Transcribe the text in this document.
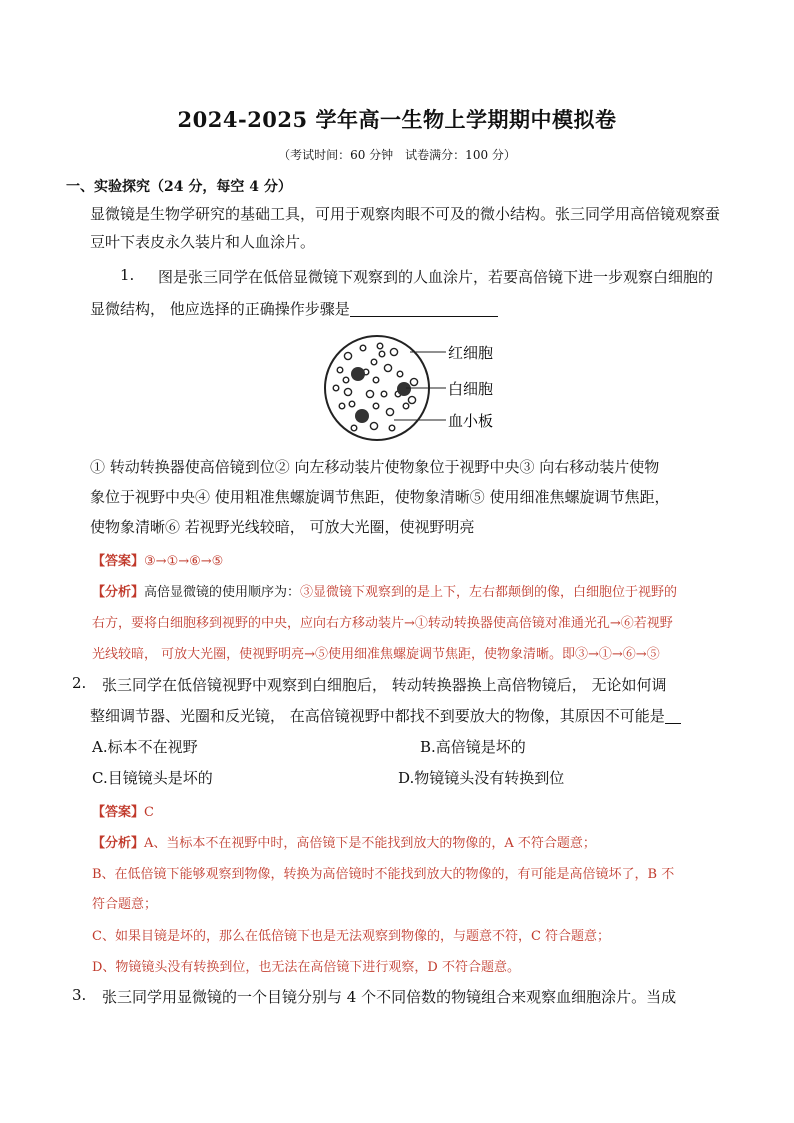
2024-2025 学年高一生物上学期期中模拟卷
（考试时间：60 分钟　试卷满分：100 分）
一、实验探究（24 分，每空 4 分）
显微镜是生物学研究的基础工具，可用于观察肉眼不可及的微小结构。张三同学用高倍镜观察蚕豆叶下表皮永久装片和人血涂片。
1. 图是张三同学在低倍显微镜下观察到的人血涂片，若要高倍镜下进一步观察白细胞的
显微结构， 他应选择的正确操作步骤是
红细胞
白细胞
血小板
① 转动转换器使高倍镜到位② 向左移动装片使物象位于视野中央③ 向右移动装片使物
象位于视野中央④ 使用粗准焦螺旋调节焦距，使物象清晰⑤ 使用细准焦螺旋调节焦距，
使物象清晰⑥ 若视野光线较暗， 可放大光圈，使视野明亮
【答案】③→①→⑥→⑤
【分析】高倍显微镜的使用顺序为：③显微镜下观察到的是上下，左右都颠倒的像，白细胞位于视野的
右方，要将白细胞移到视野的中央，应向右方移动装片→①转动转换器使高倍镜对准通光孔→⑥若视野
光线较暗， 可放大光圈，使视野明亮→⑤使用细准焦螺旋调节焦距，使物象清晰。即③→①→⑥→⑤
2. 张三同学在低倍镜视野中观察到白细胞后， 转动转换器换上高倍物镜后， 无论如何调
整细调节器、光圈和反光镜， 在高倍镜视野中都找不到要放大的物像，其原因不可能是
A.标本不在视野	B.高倍镜是坏的
C.目镜镜头是坏的	D.物镜镜头没有转换到位
【答案】C
【分析】A、当标本不在视野中时，高倍镜下是不能找到放大的物像的，A 不符合题意；
B、在低倍镜下能够观察到物像，转换为高倍镜时不能找到放大的物像的，有可能是高倍镜坏了，B 不
符合题意；
C、如果目镜是坏的，那么在低倍镜下也是无法观察到物像的，与题意不符，C 符合题意；
D、物镜镜头没有转换到位，也无法在高倍镜下进行观察，D 不符合题意。
3. 张三同学用显微镜的一个目镜分别与 4 个不同倍数的物镜组合来观察血细胞涂片。当成
